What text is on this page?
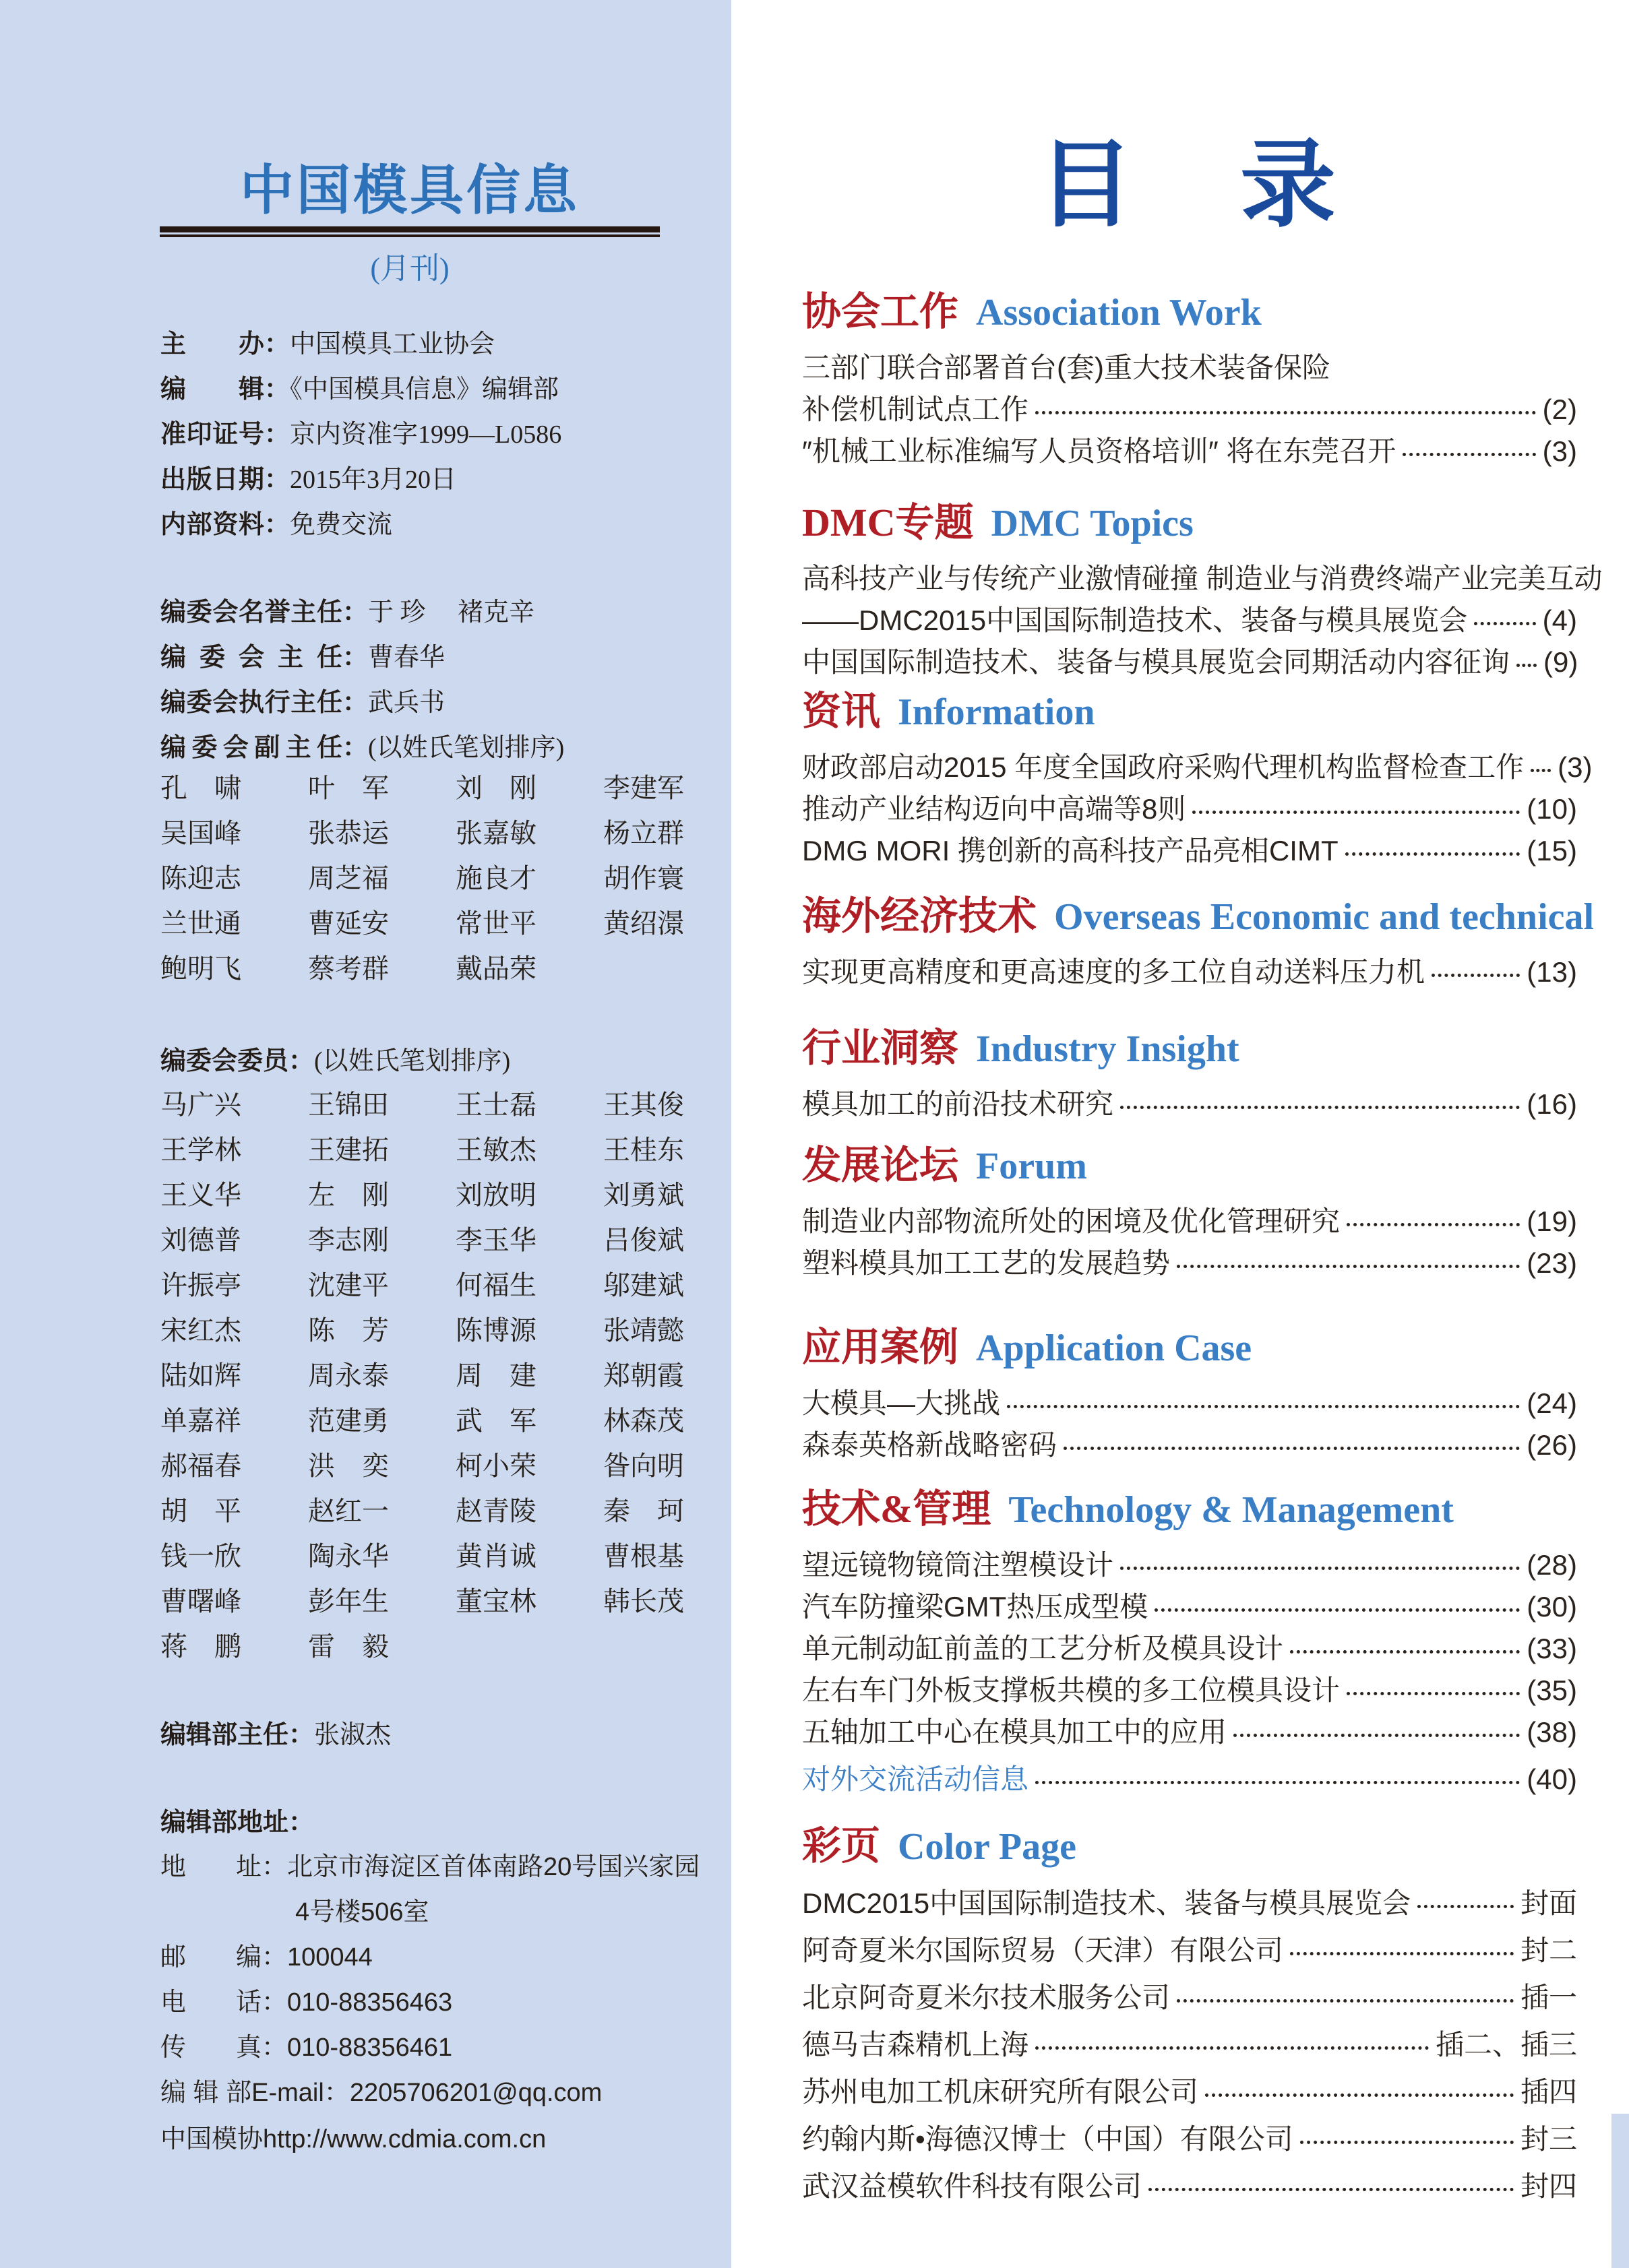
中国模具信息
(月刊)
主办：中国模具工业协会
编辑：《中国模具信息》编辑部
准印证号：京内资准字1999—L0586
出版日期：2015年3月20日
内部资料：免费交流
编委会名誉主任：于 珍　 褚克辛
编委会主任：曹春华
编委会执行主任：武兵书
编委会副主任：(以姓氏笔划排序)
孔　啸	叶　军	刘　刚	李建军
吴国峰	张恭运	张嘉敏	杨立群
陈迎志	周芝福	施良才	胡作寰
兰世通	曹延安	常世平	黄绍澋
鲍明飞	蔡考群	戴品荣
编委会委员：(以姓氏笔划排序)
马广兴	王锦田	王士磊	王其俊
王学林	王建拓	王敏杰	王桂东
王义华	左　刚	刘放明	刘勇斌
刘德普	李志刚	李玉华	吕俊斌
许振亭	沈建平	何福生	邬建斌
宋红杰	陈　芳	陈博源	张靖懿
陆如辉	周永泰	周　建	郑朝霞
单嘉祥	范建勇	武　军	林森茂
郝福春	洪　奕	柯小荣	昝向明
胡　平	赵红一	赵青陵	秦　珂
钱一欣	陶永华	黄肖诚	曹根基
曹曙峰	彭年生	董宝林	韩长茂
蒋　鹏	雷　毅
编辑部主任：张淑杰
编辑部地址：
地址：北京市海淀区首体南路20号国兴家园
4号楼506室
邮编：100044
电话：010-88356463
传真：010-88356461
编 辑 部E-mail：2205706201@qq.com
中国模协http://www.cdmia.com.cn
目　录
协会工作 Association Work
三部门联合部署首台(套)重大技术装备保险
补偿机制试点工作	(2)
″机械工业标准编写人员资格培训″ 将在东莞召开	(3)
DMC专题 DMC Topics
高科技产业与传统产业激情碰撞 制造业与消费终端产业完美互动
——DMC2015中国国际制造技术、装备与模具展览会	(4)
中国国际制造技术、装备与模具展览会同期活动内容征询 (9)
资讯 Information
财政部启动2015 年度全国政府采购代理机构监督检查工作 (3)
推动产业结构迈向中高端等8则	(10)
DMG MORI 携创新的高科技产品亮相CIMT	(15)
海外经济技术 Overseas Economic and technical
实现更高精度和更高速度的多工位自动送料压力机	(13)
行业洞察 Industry Insight
模具加工的前沿技术研究	(16)
发展论坛 Forum
制造业内部物流所处的困境及优化管理研究	(19)
塑料模具加工工艺的发展趋势	(23)
应用案例 Application Case
大模具—大挑战	(24)
森泰英格新战略密码	(26)
技术&管理 Technology & Management
望远镜物镜筒注塑模设计	(28)
汽车防撞梁GMT热压成型模	(30)
单元制动缸前盖的工艺分析及模具设计	(33)
左右车门外板支撑板共模的多工位模具设计	(35)
五轴加工中心在模具加工中的应用	(38)
对外交流活动信息	(40)
彩页 Color Page
DMC2015中国国际制造技术、装备与模具展览会	封面
阿奇夏米尔国际贸易（天津）有限公司	封二
北京阿奇夏米尔技术服务公司	插一
德马吉森精机上海	插二、插三
苏州电加工机床研究所有限公司	插四
约翰内斯•海德汉博士（中国）有限公司	封三
武汉益模软件科技有限公司	封四
